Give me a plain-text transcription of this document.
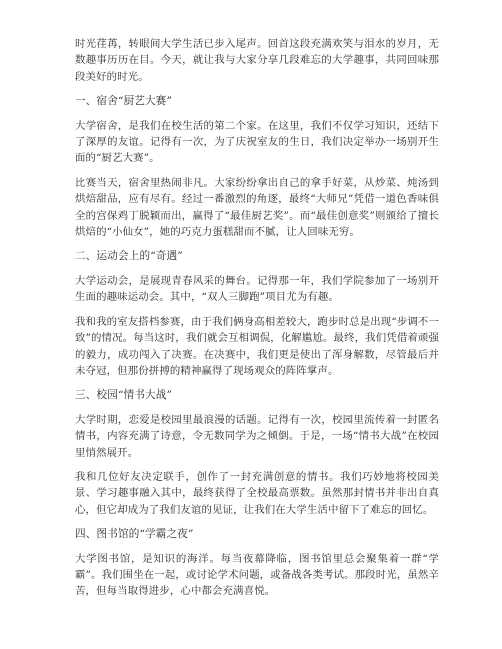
时光荏苒，转眼间大学生活已步入尾声。回首这段充满欢笑与泪水的岁月，无数趣事历历在目。今天，就让我与大家分享几段难忘的大学趣事，共同回味那段美好的时光。

一、宿舍“厨艺大赛”

大学宿舍，是我们在校生活的第二个家。在这里，我们不仅学习知识，还结下了深厚的友谊。记得有一次，为了庆祝室友的生日，我们决定举办一场别开生面的“厨艺大赛”。

比赛当天，宿舍里热闹非凡。大家纷纷拿出自己的拿手好菜，从炒菜、炖汤到烘焙甜品，应有尽有。经过一番激烈的角逐，最终“大师兄”凭借一道色香味俱全的宫保鸡丁脱颖而出，赢得了“最佳厨艺奖”。而“最佳创意奖”则颁给了擅长烘焙的“小仙女”，她的巧克力蛋糕甜而不腻，让人回味无穷。

二、运动会上的“奇遇”

大学运动会，是展现青春风采的舞台。记得那一年，我们学院参加了一场别开生面的趣味运动会。其中，“双人三脚跑”项目尤为有趣。

我和我的室友搭档参赛，由于我们俩身高相差较大，跑步时总是出现“步调不一致”的情况。每当这时，我们就会互相调侃，化解尴尬。最终，我们凭借着顽强的毅力，成功闯入了决赛。在决赛中，我们更是使出了浑身解数，尽管最后并未夺冠，但那份拼搏的精神赢得了现场观众的阵阵掌声。

三、校园“情书大战”

大学时期，恋爱是校园里最浪漫的话题。记得有一次，校园里流传着一封匿名情书，内容充满了诗意，令无数同学为之倾倒。于是，一场“情书大战”在校园里悄然展开。

我和几位好友决定联手，创作了一封充满创意的情书。我们巧妙地将校园美景、学习趣事融入其中，最终获得了全校最高票数。虽然那封情书并非出自真心，但它却成为了我们友谊的见证，让我们在大学生活中留下了难忘的回忆。

四、图书馆的“学霸之夜”

大学图书馆，是知识的海洋。每当夜幕降临，图书馆里总会聚集着一群“学霸”。我们围坐在一起，或讨论学术问题，或备战各类考试。那段时光，虽然辛苦，但每当取得进步，心中都会充满喜悦。
